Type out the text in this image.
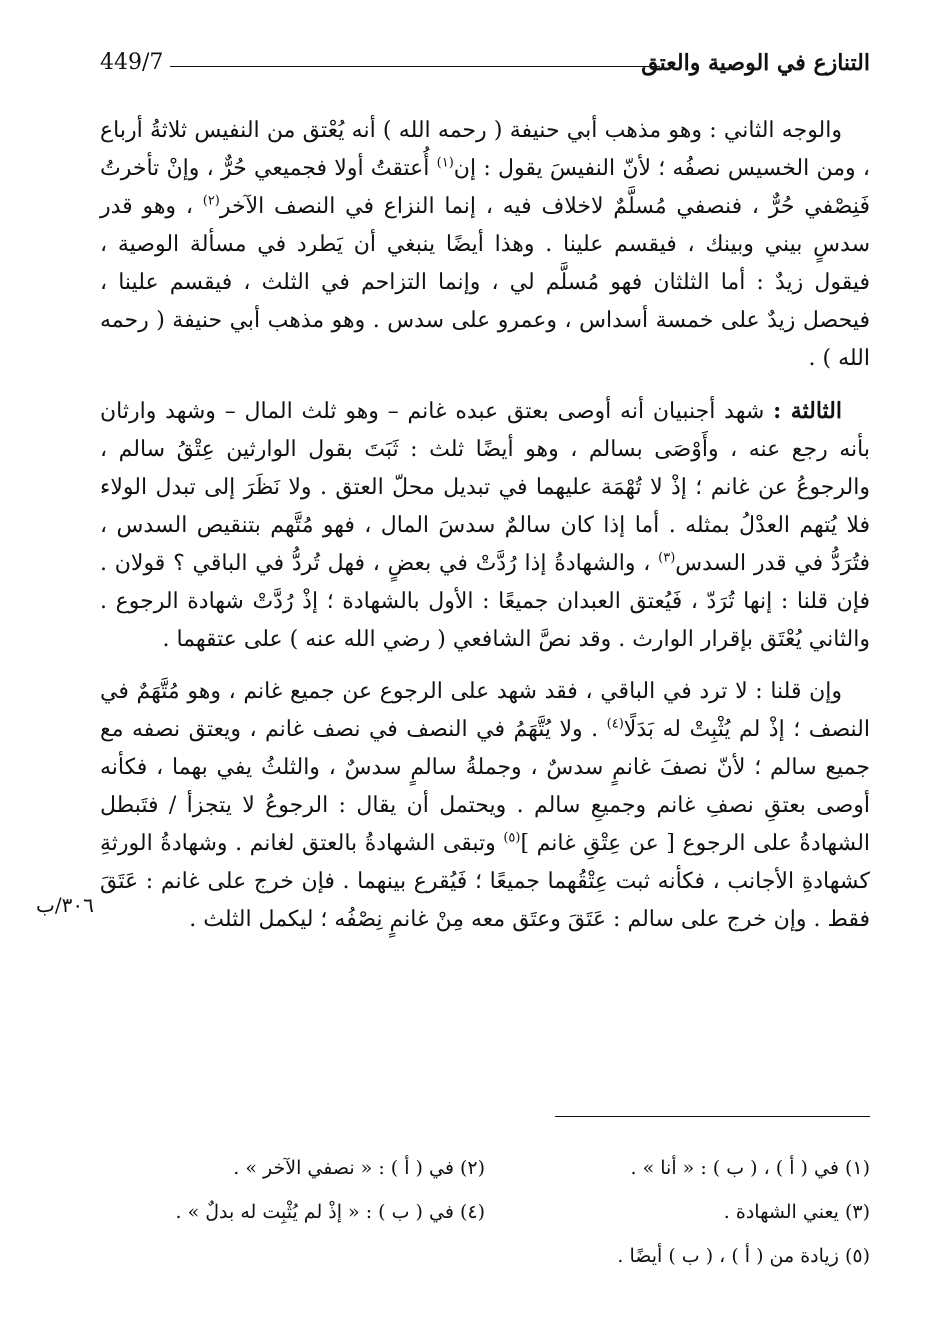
التنازع في الوصية والعتق
449/7

والوجه الثاني : وهو مذهب أبي حنيفة ( رحمه الله ) أنه يُعْتق من النفيس ثلاثةُ أرباع ، ومن الخسيس نصفُه ؛ لأنّ النفيسَ يقول : إن$^{(١)}$ أُعتقتُ أولا فجميعي حُرٌّ ، وإنْ تأخرتُ فَنِصْفي حُرٌّ ، فنصفي مُسلَّمٌ لاخلاف فيه ، إنما النزاع في النصف الآخر$^{(٢)}$ ، وهو قدر سدسٍ بيني وبينك ، فيقسم علينا . وهذا أيضًا ينبغي أن يَطرد في مسألة الوصية ، فيقول زيدٌ : أما الثلثان فهو مُسلَّم لي ، وإنما التزاحم في الثلث ، فيقسم علينا ، فيحصل زيدٌ على خمسة أسداس ، وعمرو على سدس . وهو مذهب أبي حنيفة ( رحمه الله ) .

الثالثة : شهد أجنبيان أنه أوصى بعتق عبده غانم – وهو ثلث المال – وشهد وارثان بأنه رجع عنه ، وأَوْصَى بسالم ، وهو أيضًا ثلث : ثَبَتَ بقول الوارثين عِتْقُ سالم ، والرجوعُ عن غانم ؛ إذْ لا تُهْمَة عليهما في تبديل محلّ العتق . ولا نَظَرَ إلى تبدل الولاء فلا يُتهم العدْلُ بمثله . أما إذا كان سالمٌ سدسَ المال ، فهو مُتَّهم بتنقيص السدس ، فتُرَدُّ في قدر السدس$^{(٣)}$ ، والشهادةُ إذا رُدَّتْ في بعضٍ ، فهل تُردُّ في الباقي ؟ قولان . فإن قلنا : إنها تُرَدّ ، فَيُعتق العبدان جميعًا : الأول بالشهادة ؛ إذْ رُدَّتْ شهادة الرجوع . والثاني يُعْتَق بإقرار الوارث . وقد نصَّ الشافعي ( رضي الله عنه ) على عتقهما .

وإن قلنا : لا ترد في الباقي ، فقد شهد على الرجوع عن جميع غانم ، وهو مُتَّهَمٌ في النصف ؛ إذْ لم يُثْبِتْ له بَدَلًا$^{(٤)}$ . ولا يُتَّهَمُ في النصف في نصف غانم ، ويعتق نصفه مع جميع سالم ؛ لأنّ نصفَ غانمٍ سدسٌ ، وجملةُ سالمٍ سدسٌ ، والثلثُ يفي بهما ، فكأنه أوصى بعتقِ نصفِ غانم وجميعِ سالم . ويحتمل أن يقال : الرجوعُ لا يتجزأ / فتَبطل الشهادةُ على الرجوع [ عن عِتْقِ غانم ]$^{(٥)}$ وتبقى الشهادةُ بالعتق لغانم . وشهادةُ الورثةِ كشهادةِ الأجانب ، فكأنه ثبت عِتْقُهما جميعًا ؛ فَيُقرع بينهما . فإن خرج على غانم : عَتَقَ فقط . وإن خرج على سالم : عَتَقَ وعتَق معه مِنْ غانمٍ نِصْفُه ؛ ليكمل الثلث .

٣٠٦/ب
(١) في ( أ ) ، ( ب ) : « أنا » .
(٢) في ( أ ) : « نصفي الآخر » .
(٣) يعني الشهادة .
(٤) في ( ب ) : « إذْ لم يُثْبِت له بدلٌ » .
(٥) زيادة من ( أ ) ، ( ب ) أيضًا .
